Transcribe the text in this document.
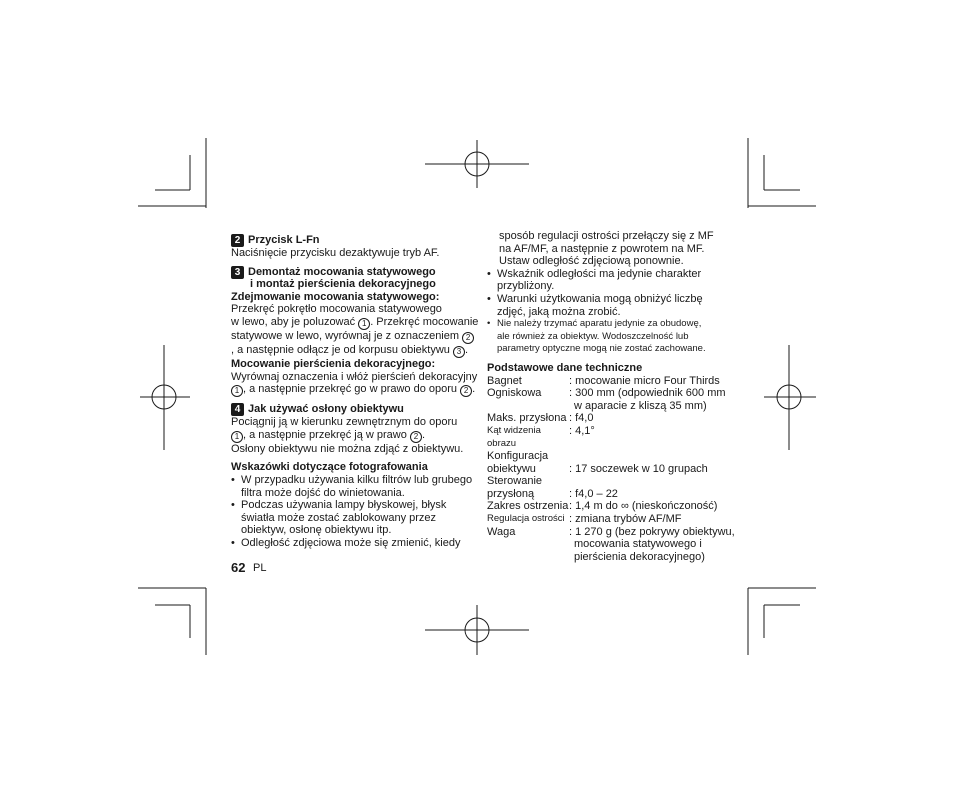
2 Przycisk L-Fn
Naciśnięcie przycisku dezaktywuje tryb AF.
3 Demontaż mocowania statywowego
i montaż pierścienia dekoracyjnego
Zdejmowanie mocowania statywowego:
Przekręć pokrętło mocowania statywowego
w lewo, aby je poluzować 1 . Przekręć mocowanie
statywowe w lewo, wyrównaj je z oznaczeniem 2
, a następnie odłącz je od korpusu obiektywu 3 .
Mocowanie pierścienia dekoracyjnego:
Wyrównaj oznaczenia i włóż pierścień dekoracyjny
1 , a następnie przekręć go w prawo do oporu 2 .
4 Jak używać osłony obiektywu
Pociągnij ją w kierunku zewnętrznym do oporu
1 , a następnie przekręć ją w prawo 2 .
Osłony obiektywu nie można zdjąć z obiektywu.
Wskazówki dotyczące fotografowania
• W przypadku używania kilku filtrów lub grubego
filtra może dojść do winietowania.
• Podczas używania lampy błyskowej, błysk
światła może zostać zablokowany przez
obiektyw, osłonę obiektywu itp.
• Odległość zdjęciowa może się zmienić, kiedy
62 PL
sposób regulacji ostrości przełączy się z MF
na AF/MF, a następnie z powrotem na MF.
Ustaw odległość zdjęciową ponownie.
• Wskaźnik odległości ma jedynie charakter
przybliżony.
• Warunki użytkowania mogą obniżyć liczbę
zdjęć, jaką można zrobić.
• Nie należy trzymać aparatu jedynie za obudowę,
ale również za obiektyw. Wodoszczelność lub
parametry optyczne mogą nie zostać zachowane.
Podstawowe dane techniczne
Bagnet	: mocowanie micro Four Thirds
Ogniskowa	: 300 mm (odpowiednik 600 mm
w aparacie z kliszą 35 mm)
Maks. przysłona : f4,0
Kąt widzenia obrazu
: 4,1°
Konfiguracja
obiektywu	: 17 soczewek w 10 grupach
Sterowanie
przysłoną	: f4,0 – 22
Zakres ostrzenia : 1,4 m do ∞ (nieskończoność)
Regulacja ostrości : zmiana trybów AF/MF
Waga	: 1 270 g (bez pokrywy obiektywu,
mocowania statywowego i
pierścienia dekoracyjnego)
